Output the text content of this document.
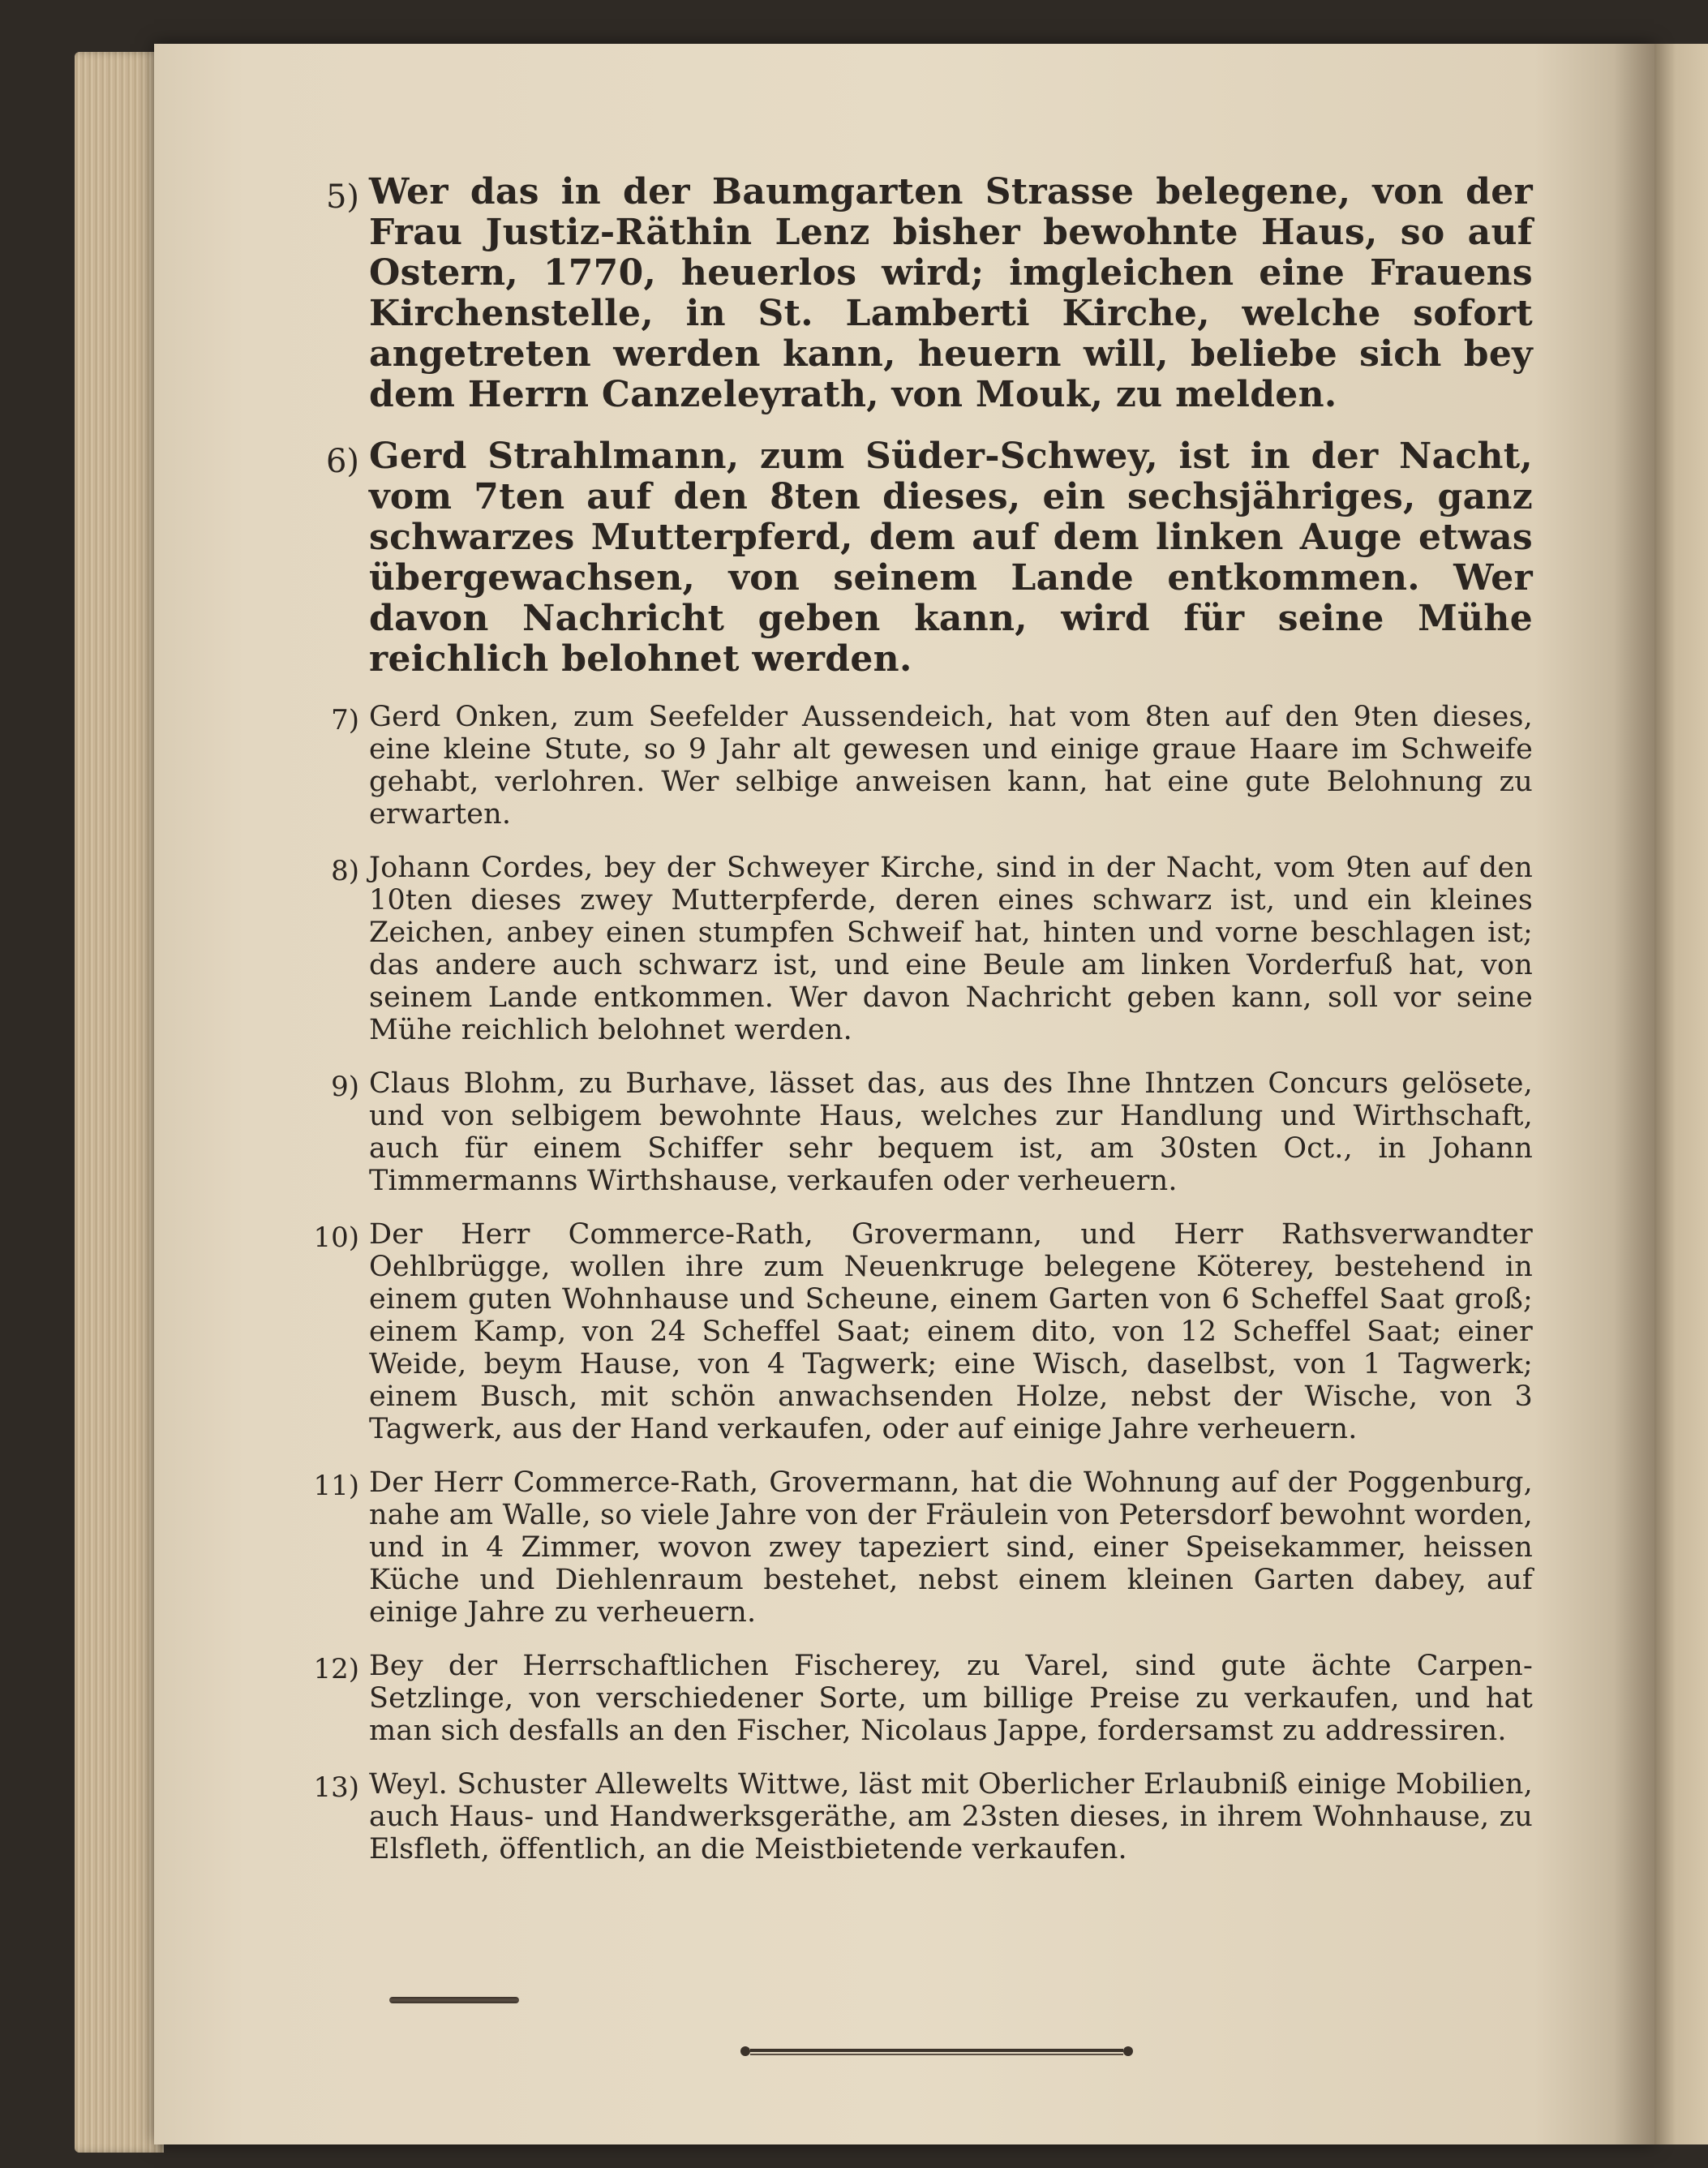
5) Wer das in der Baumgarten Strasse belegene, von der Frau Justiz-Räthin Lenz bisher bewohnte Haus, so auf Ostern, 1770, heuerlos wird; imgleichen eine Frauens Kirchenstelle, in St. Lamberti Kirche, welche sofort angetreten werden kann, heuern will, beliebe sich bey dem Herrn Canzeleyrath, von Mouk, zu melden.

6) Gerd Strahlmann, zum Süder-Schwey, ist in der Nacht, vom 7ten auf den 8ten dieses, ein sechsjähriges, ganz schwarzes Mutterpferd, dem auf dem linken Auge etwas übergewachsen, von seinem Lande entkommen. Wer davon Nachricht geben kann, wird für seine Mühe reichlich belohnet werden.

7) Gerd Onken, zum Seefelder Aussendeich, hat vom 8ten auf den 9ten dieses, eine kleine Stute, so 9 Jahr alt gewesen und einige graue Haare im Schweife gehabt, verlohren. Wer selbige anweisen kann, hat eine gute Belohnung zu erwarten.

8) Johann Cordes, bey der Schweyer Kirche, sind in der Nacht, vom 9ten auf den 10ten dieses zwey Mutterpferde, deren eines schwarz ist, und ein kleines Zeichen, anbey einen stumpfen Schweif hat, hinten und vorne beschlagen ist; das andere auch schwarz ist, und eine Beule am linken Vorderfuß hat, von seinem Lande entkommen. Wer davon Nachricht geben kann, soll vor seine Mühe reichlich belohnet werden.

9) Claus Blohm, zu Burhave, lässet das, aus des Ihne Ihntzen Concurs gelösete, und von selbigem bewohnte Haus, welches zur Handlung und Wirthschaft, auch für einem Schiffer sehr bequem ist, am 30sten Oct., in Johann Timmermanns Wirthshause, verkaufen oder verheuern.

10) Der Herr Commerce-Rath, Grovermann, und Herr Rathsverwandter Oehlbrügge, wollen ihre zum Neuenkruge belegene Köterey, bestehend in einem guten Wohnhause und Scheune, einem Garten von 6 Scheffel Saat groß; einem Kamp, von 24 Scheffel Saat; einem dito, von 12 Scheffel Saat; einer Weide, beym Hause, von 4 Tagwerk; eine Wisch, daselbst, von 1 Tagwerk; einem Busch, mit schön anwachsenden Holze, nebst der Wische, von 3 Tagwerk, aus der Hand verkaufen, oder auf einige Jahre verheuern.

11) Der Herr Commerce-Rath, Grovermann, hat die Wohnung auf der Poggenburg, nahe am Walle, so viele Jahre von der Fräulein von Petersdorf bewohnt worden, und in 4 Zimmer, wovon zwey tapeziert sind, einer Speisekammer, heissen Küche und Diehlenraum bestehet, nebst einem kleinen Garten dabey, auf einige Jahre zu verheuern.

12) Bey der Herrschaftlichen Fischerey, zu Varel, sind gute ächte Carpen-Setzlinge, von verschiedener Sorte, um billige Preise zu verkaufen, und hat man sich desfalls an den Fischer, Nicolaus Jappe, fordersamst zu addressiren.

13) Weyl. Schuster Allewelts Wittwe, läst mit Oberlicher Erlaubniß einige Mobilien, auch Haus- und Handwerksgeräthe, am 23sten dieses, in ihrem Wohnhause, zu Elsfleth, öffentlich, an die Meistbietende verkaufen.
